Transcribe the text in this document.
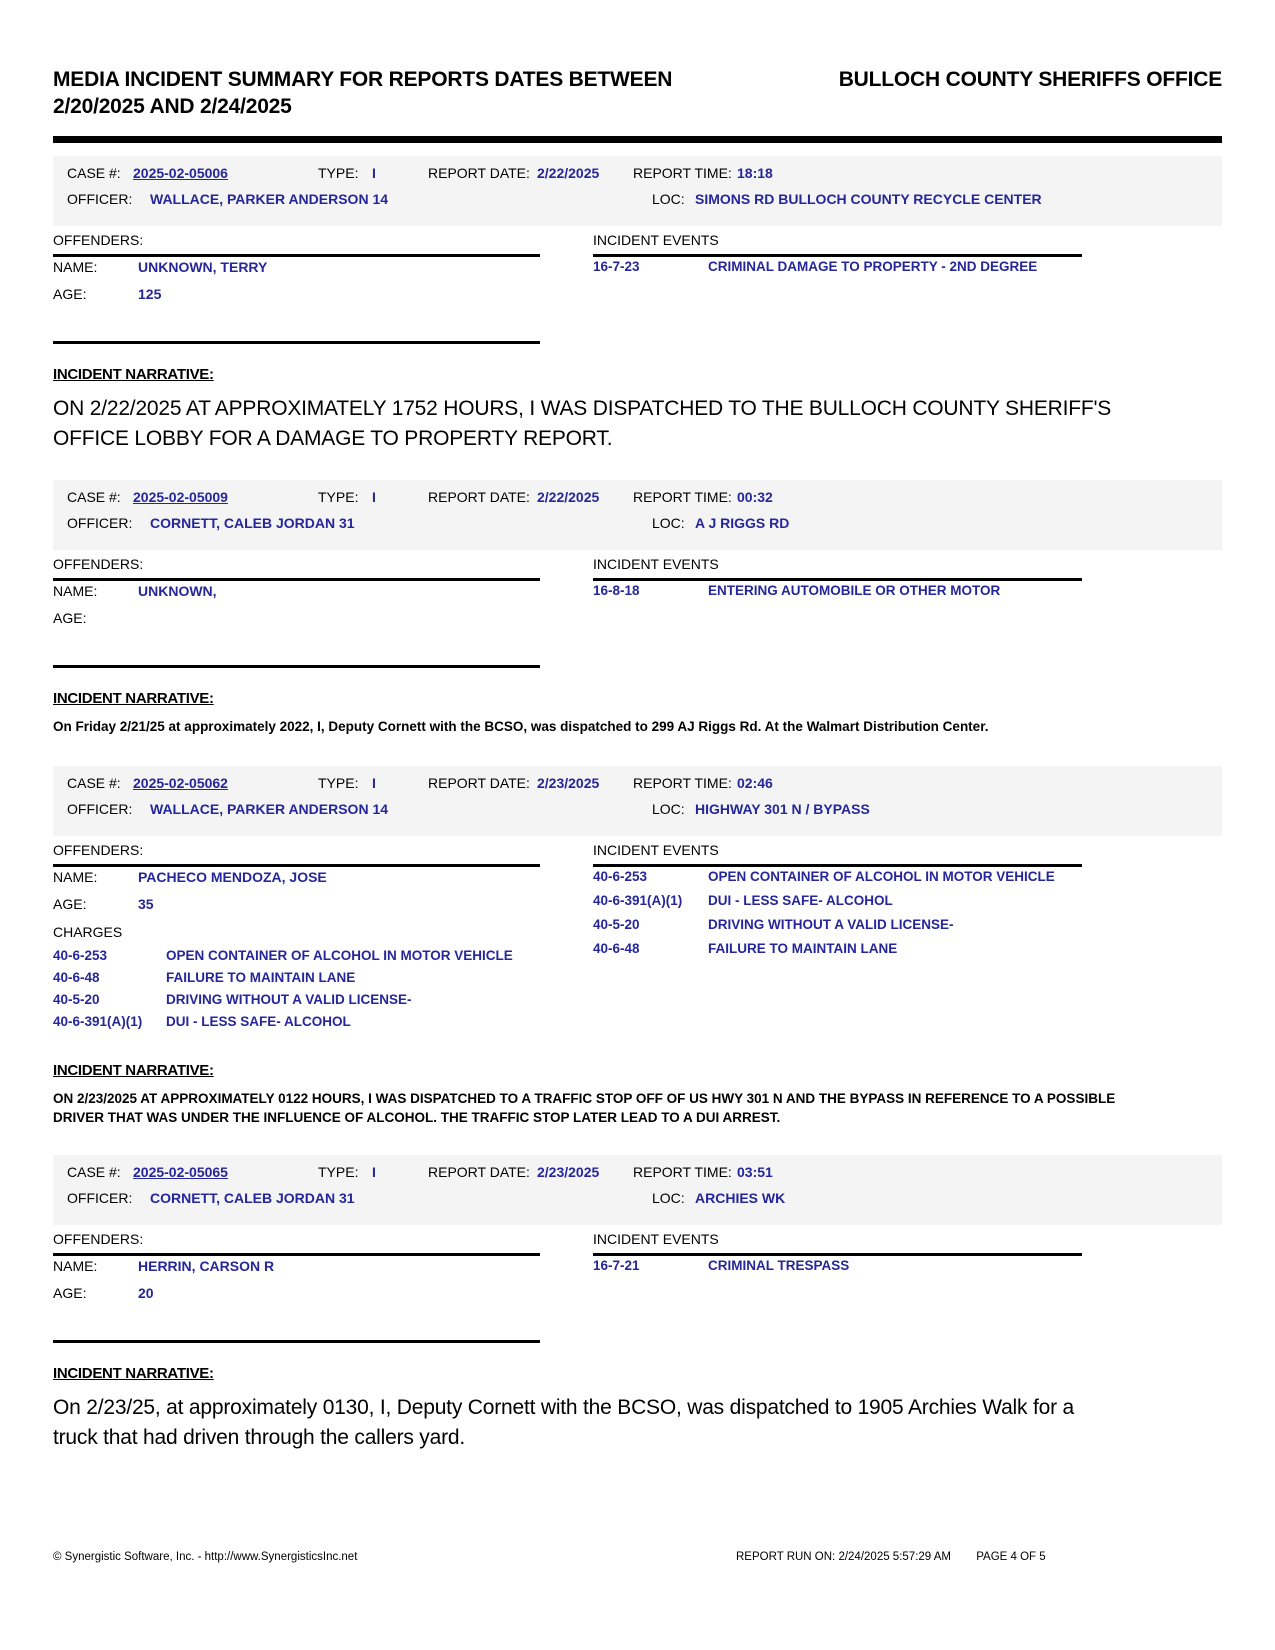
MEDIA INCIDENT SUMMARY FOR REPORTS DATES BETWEEN 2/20/2025 AND 2/24/2025
BULLOCH COUNTY SHERIFFS OFFICE
CASE #: 2025-02-05006	TYPE: I	REPORT DATE: 2/22/2025	REPORT TIME: 18:18
OFFICER:	WALLACE, PARKER ANDERSON 14	LOC: SIMONS RD BULLOCH COUNTY RECYCLE CENTER
OFFENDERS:
NAME:	UNKNOWN, TERRY
AGE:	125
INCIDENT EVENTS
16-7-23	CRIMINAL DAMAGE TO PROPERTY - 2ND DEGREE
INCIDENT NARRATIVE:
ON 2/22/2025 AT APPROXIMATELY 1752 HOURS, I WAS DISPATCHED TO THE BULLOCH COUNTY SHERIFF'S OFFICE LOBBY FOR A DAMAGE TO PROPERTY REPORT.
CASE #: 2025-02-05009	TYPE: I	REPORT DATE: 2/22/2025	REPORT TIME: 00:32
OFFICER:	CORNETT, CALEB JORDAN 31	LOC: A J RIGGS RD
OFFENDERS:
NAME:	UNKNOWN,
AGE:
INCIDENT EVENTS
16-8-18	ENTERING AUTOMOBILE OR OTHER MOTOR
INCIDENT NARRATIVE:
On Friday 2/21/25 at approximately 2022, I, Deputy Cornett with the BCSO, was dispatched to 299 AJ Riggs Rd. At the Walmart Distribution Center.
CASE #: 2025-02-05062	TYPE: I	REPORT DATE: 2/23/2025	REPORT TIME: 02:46
OFFICER:	WALLACE, PARKER ANDERSON 14	LOC: HIGHWAY 301 N / BYPASS
OFFENDERS:
NAME:	PACHECO MENDOZA, JOSE
AGE:	35
CHARGES
40-6-253	OPEN CONTAINER OF ALCOHOL IN MOTOR VEHICLE
40-6-48	FAILURE TO MAINTAIN LANE
40-5-20	DRIVING WITHOUT A VALID LICENSE-
40-6-391(A)(1)	DUI - LESS SAFE- ALCOHOL
INCIDENT EVENTS
40-6-253	OPEN CONTAINER OF ALCOHOL IN MOTOR VEHICLE
40-6-391(A)(1)	DUI - LESS SAFE- ALCOHOL
40-5-20	DRIVING WITHOUT A VALID LICENSE-
40-6-48	FAILURE TO MAINTAIN LANE
INCIDENT NARRATIVE:
ON 2/23/2025 AT APPROXIMATELY 0122 HOURS, I WAS DISPATCHED TO A TRAFFIC STOP OFF OF US HWY 301 N AND THE BYPASS IN REFERENCE TO A POSSIBLE DRIVER THAT WAS UNDER THE INFLUENCE OF ALCOHOL. THE TRAFFIC STOP LATER LEAD TO A DUI ARREST.
CASE #: 2025-02-05065	TYPE: I	REPORT DATE: 2/23/2025	REPORT TIME: 03:51
OFFICER:	CORNETT, CALEB JORDAN 31	LOC: ARCHIES WK
OFFENDERS:
NAME:	HERRIN, CARSON R
AGE:	20
INCIDENT EVENTS
16-7-21	CRIMINAL TRESPASS
INCIDENT NARRATIVE:
On 2/23/25, at approximately 0130, I, Deputy Cornett with the BCSO, was dispatched to 1905 Archies Walk for a truck that had driven through the callers yard.
© Synergistic Software, Inc. - http://www.SynergisticsInc.net	REPORT RUN ON: 2/24/2025 5:57:29 AM PAGE 4 OF 5
